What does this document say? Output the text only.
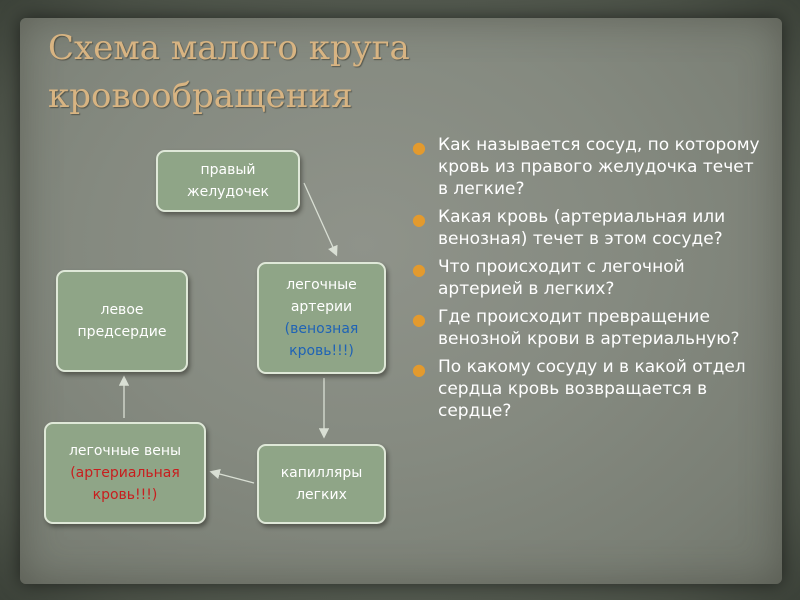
Схема малого круга
кровообращения
правый
желудочек
легочные
артерии
(венозная
кровь!!!)
капилляры
легких
легочные вены
(артериальная
кровь!!!)
левое
предсердие
● Как называется сосуд, по которому кровь из правого желудочка течет в легкие?
● Какая кровь (артериальная или венозная) течет в этом сосуде?
● Что происходит с легочной артерией в легких?
● Где происходит превращение венозной крови в артериальную?
● По какому сосуду и в какой отдел сердца кровь возвращается в сердце?
